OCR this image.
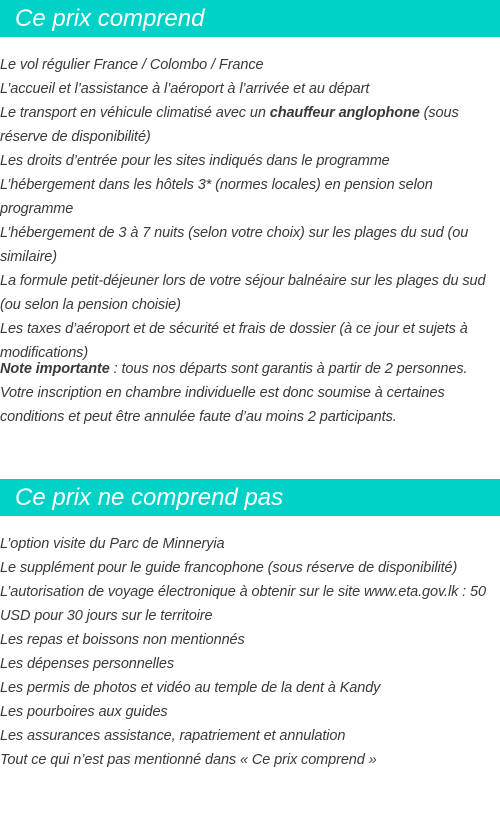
Ce prix comprend
Le vol régulier France / Colombo / France
L’accueil et l’assistance à l’aéroport à l’arrivée et au départ
Le transport en véhicule climatisé avec un chauffeur anglophone (sous réserve de disponibilité)
Les droits d’entrée pour les sites indiqués dans le programme
L’hébergement dans les hôtels 3* (normes locales) en pension selon programme
L’hébergement de 3 à 7 nuits (selon votre choix) sur les plages du sud (ou similaire)
La formule petit-déjeuner lors de votre séjour balnéaire sur les plages du sud (ou selon la pension choisie)
Les taxes d’aéroport et de sécurité et frais de dossier (à ce jour et sujets à modifications)

Note importante : tous nos départs sont garantis à partir de 2 personnes. Votre inscription en chambre individuelle est donc soumise à certaines conditions et peut être annulée faute d’au moins 2 participants.

Ce prix ne comprend pas
L’option visite du Parc de Minneryia
Le supplément pour le guide francophone (sous réserve de disponibilité)
L’autorisation de voyage électronique à obtenir sur le site www.eta.gov.lk : 50 USD pour 30 jours sur le territoire
Les repas et boissons non mentionnés
Les dépenses personnelles
Les permis de photos et vidéo au temple de la dent à Kandy
Les pourboires aux guides
Les assurances assistance, rapatriement et annulation
Tout ce qui n’est pas mentionné dans « Ce prix comprend »
